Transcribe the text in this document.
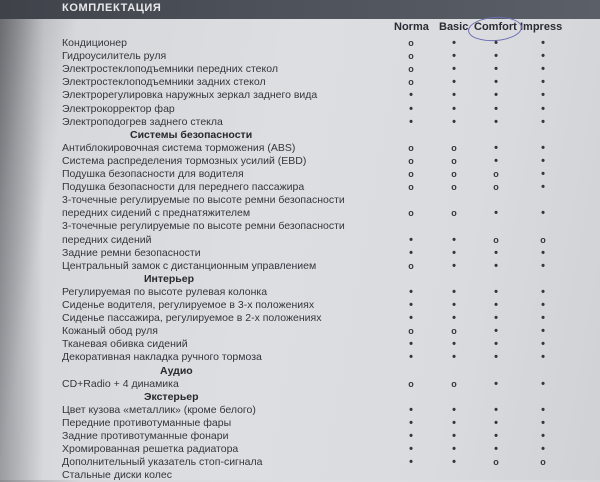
КОМПЛЕКТАЦИЯ
Norma Basic Comfort Impress
Кондиционер	o	•	•	•
Гидроусилитель руля	o	•	•	•
Электростеклоподъемники передних стекол	o	•	•	•
Электростеклоподъемники задних стекол	o	•	•	•
Электрорегулировка наружных зеркал заднего вида	•	•	•	•
Электрокорректор фар	•	•	•	•
Электроподогрев заднего стекла	•	•	•	•
Системы безопасности
Антиблокировочная система торможения (ABS)	o	o	•	•
Система распределения тормозных усилий (EBD)	o	o	•	•
Подушка безопасности для водителя	o	o	o	•
Подушка безопасности для переднего пассажира	o	o	o	•
3-точечные регулируемые по высоте ремни безопасности
передних сидений с преднатяжителем	o	o	•	•
3-точечные регулируемые по высоте ремни безопасности
передних сидений	•	•	o	o
Задние ремни безопасности	•	•	•	•
Центральный замок с дистанционным управлением	o	•	•	•
Интерьер
Регулируемая по высоте рулевая колонка	•	•	•	•
Сиденье водителя, регулируемое в 3-х положениях	•	•	•	•
Сиденье пассажира, регулируемое в 2-х положениях	•	•	•	•
Кожаный обод руля	o	o	•	•
Тканевая обивка сидений	•	•	•	•
Декоративная накладка ручного тормоза	•	•	•	•
Аудио
CD+Radio + 4 динамика	o	o	•	•
Экстерьер
Цвет кузова «металлик» (кроме белого)	•	•	•	•
Передние противотуманные фары	•	•	•	•
Задние противотуманные фонари	•	•	•	•
Хромированная решетка радиатора	•	•	•	•
Дополнительный указатель стоп-сигнала	•	•	o	o
Стальные диски колес
